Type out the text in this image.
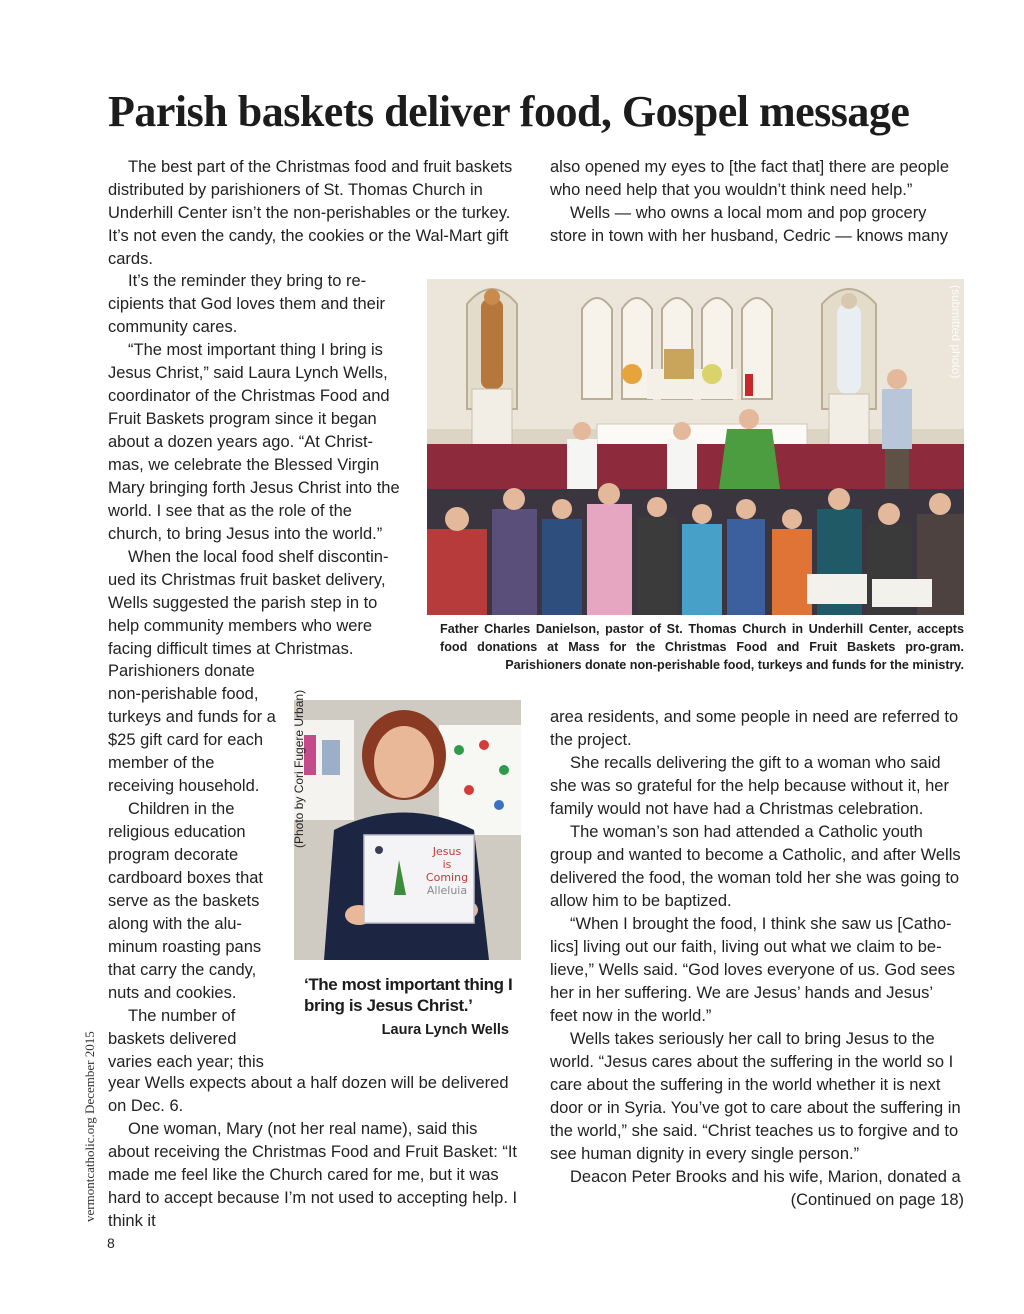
Parish baskets deliver food, Gospel message

The best part of the Christmas food and fruit baskets distributed by parishioners of St. Thomas Church in Underhill Center isn’t the non-perishables or the turkey. It’s not even the candy, the cookies or the Wal-Mart gift cards.

It’s the reminder they bring to re-cipients that God loves them and their community cares.

“The most important thing I bring is Jesus Christ,” said Laura Lynch Wells, coordinator of the Christmas Food and Fruit Baskets program since it began about a dozen years ago. “At Christ-mas, we celebrate the Blessed Virgin Mary bringing forth Jesus Christ into the world. I see that as the role of the church, to bring Jesus into the world.”

When the local food shelf discontin-ued its Christmas fruit basket delivery, Wells suggested the parish step in to help community members who were facing difficult times at Christmas.

Parishioners donate non-perishable food, turkeys and funds for a $25 gift card for each member of the receiving household.

Children in the religious education program decorate cardboard boxes that serve as the baskets along with the alu-minum roasting pans that carry the candy, nuts and cookies.

The number of baskets delivered varies each year; this

year Wells expects about a half dozen will be delivered on Dec. 6.

One woman, Mary (not her real name), said this about receiving the Christmas Food and Fruit Basket: “It made me feel like the Church cared for me, but it was hard to accept because I’m not used to accepting help. I think it

also opened my eyes to [the fact that] there are people who need help that you wouldn’t think need help.”

Wells — who owns a local mom and pop grocery store in town with her husband, Cedric — knows many

(submitted photo)

Father Charles Danielson, pastor of St. Thomas Church in Underhill Center, accepts food donations at Mass for the Christmas Food and Fruit Baskets pro-gram. Parishioners donate non-perishable food, turkeys and funds for the ministry.

area residents, and some people in need are referred to the project.

She recalls delivering the gift to a woman who said she was so grateful for the help because without it, her family would not have had a Christmas celebration.

The woman’s son had attended a Catholic youth group and wanted to become a Catholic, and after Wells delivered the food, the woman told her she was going to allow him to be baptized.

“When I brought the food, I think she saw us [Catho-lics] living out our faith, living out what we claim to be-lieve,” Wells said. “God loves everyone of us. God sees her in her suffering. We are Jesus’ hands and Jesus’ feet now in the world.”

Wells takes seriously her call to bring Jesus to the world. “Jesus cares about the suffering in the world so I care about the suffering in the world whether it is next door or in Syria. You’ve got to care about the suffering in the world,” she said. “Christ teaches us to forgive and to see human dignity in every single person.”

Deacon Peter Brooks and his wife, Marion, donated a

(Continued on page 18)

Jesus
is
Coming
Alleluia
(Photo by Cori Fugere Urban)

‘The most important thing I bring is Jesus Christ.’

Laura Lynch Wells
vermontcatholic.org December 2015
8
